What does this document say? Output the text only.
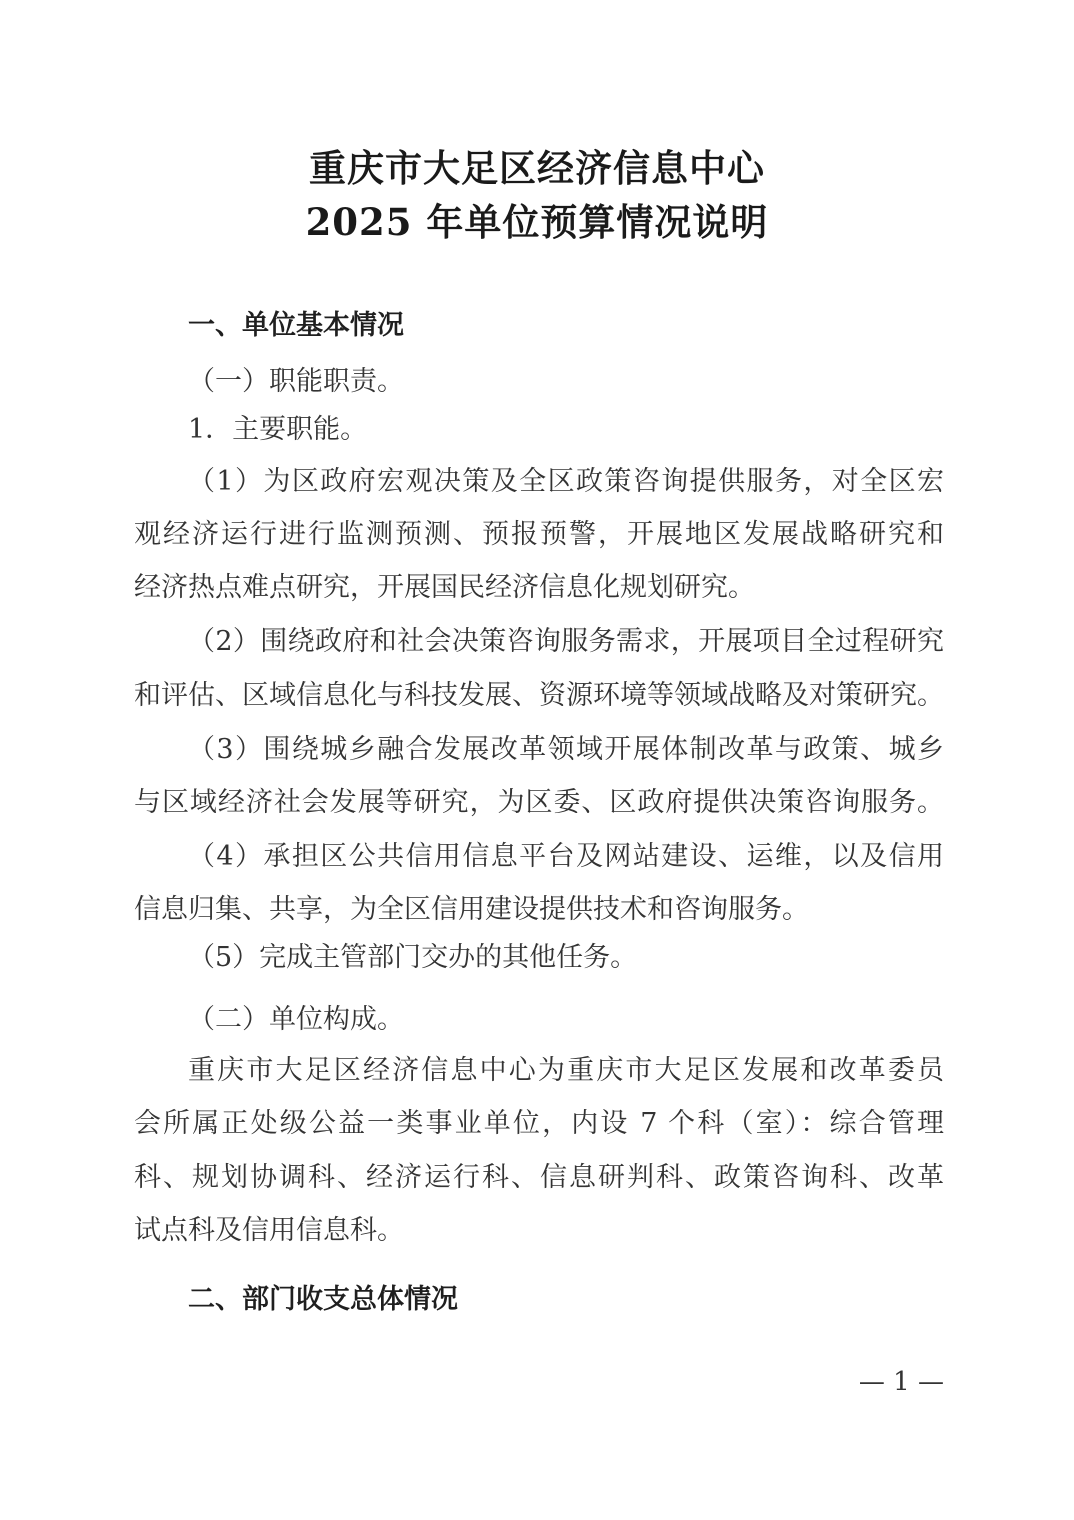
重庆市大足区经济信息中心
2025 年单位预算情况说明
一、单位基本情况
（一）职能职责。
1．主要职能。
（1）为区政府宏观决策及全区政策咨询提供服务，对全区宏
观经济运行进行监测预测、预报预警，开展地区发展战略研究和
经济热点难点研究，开展国民经济信息化规划研究。
（2）围绕政府和社会决策咨询服务需求，开展项目全过程研究
和评估、区域信息化与科技发展、资源环境等领域战略及对策研究。
（3）围绕城乡融合发展改革领域开展体制改革与政策、城乡
与区域经济社会发展等研究，为区委、区政府提供决策咨询服务。
（4）承担区公共信用信息平台及网站建设、运维，以及信用
信息归集、共享，为全区信用建设提供技术和咨询服务。
（5）完成主管部门交办的其他任务。
（二）单位构成。
重庆市大足区经济信息中心为重庆市大足区发展和改革委员
会所属正处级公益一类事业单位，内设 7 个科（室）：综合管理
科、规划协调科、经济运行科、信息研判科、政策咨询科、改革
试点科及信用信息科。
二、部门收支总体情况
— 1 —
